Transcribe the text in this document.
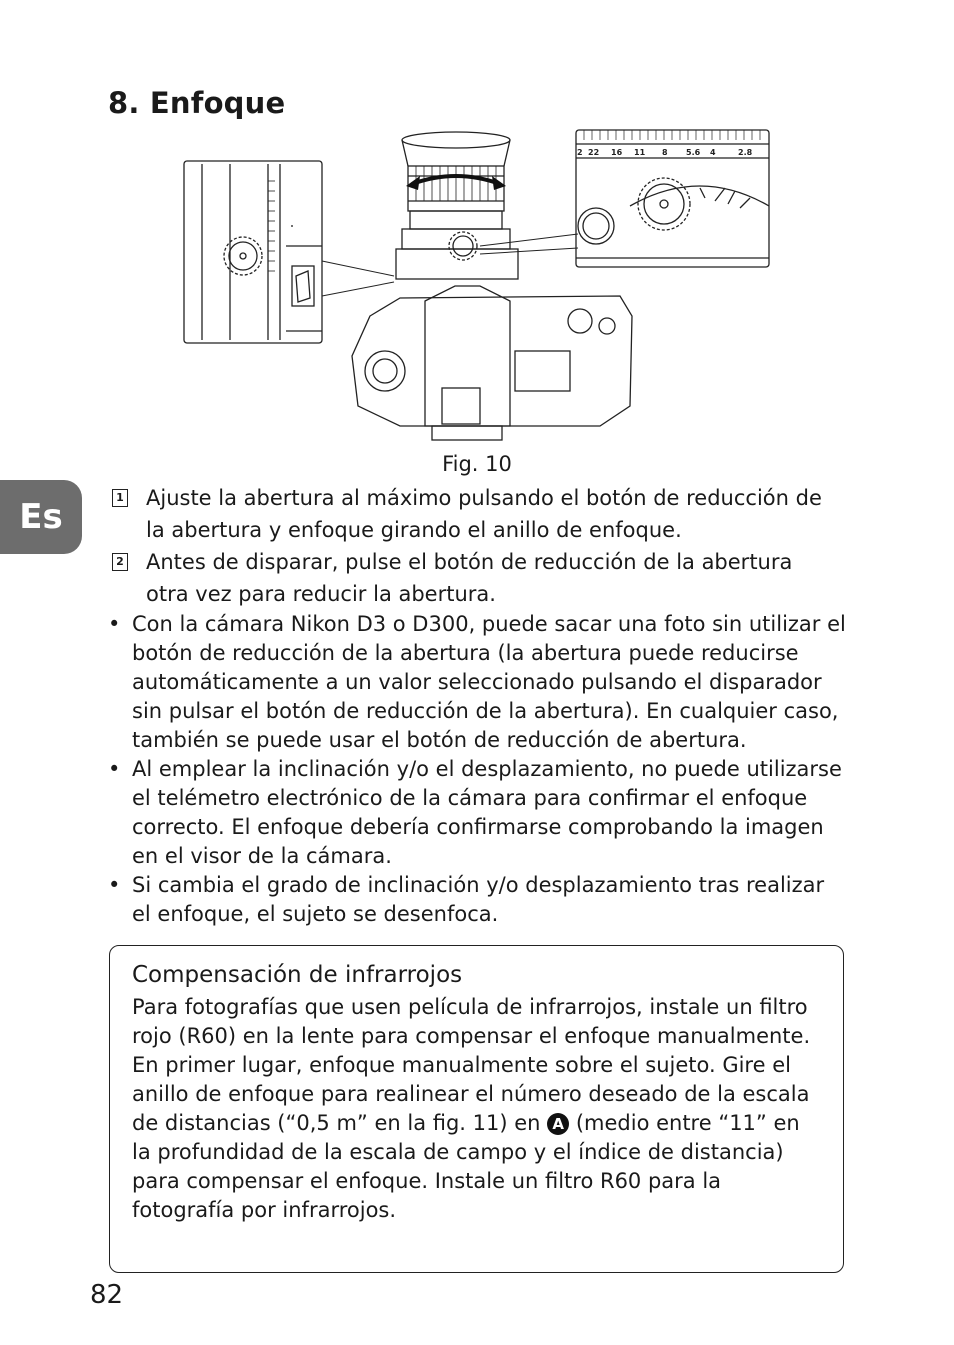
8. Enfoque
Es
2 22 16 11 8 5.6 4	2.8
Fig. 10
1 Ajuste la abertura al máximo pulsando el botón de reducción de la abertura y enfoque girando el anillo de enfoque.
2 Antes de disparar, pulse el botón de reducción de la abertura otra vez para reducir la abertura.
• Con la cámara Nikon D3 o D300, puede sacar una foto sin utilizar el botón de reducción de la abertura (la abertura puede reducirse automáticamente a un valor seleccionado pulsando el disparador sin pulsar el botón de reducción de la abertura). En cualquier caso, también se puede usar el botón de reducción de abertura.
• Al emplear la inclinación y/o el desplazamiento, no puede utilizarse el telémetro electrónico de la cámara para confirmar el enfoque correcto. El enfoque debería confirmarse comprobando la imagen en el visor de la cámara.
• Si cambia el grado de inclinación y/o desplazamiento tras realizar el enfoque, el sujeto se desenfoca.
Compensación de infrarrojos

Para fotografías que usen película de infrarrojos, instale un filtro rojo (R60) en la lente para compensar el enfoque manualmente.

En primer lugar, enfoque manualmente sobre el sujeto. Gire el anillo de enfoque para realinear el número deseado de la escala de distancias (“0,5 m” en la fig. 11) en A (medio entre “11” en la profundidad de la escala de campo y el índice de distancia) para compensar el enfoque. Instale un filtro R60 para la fotografía por infrarrojos.

82
